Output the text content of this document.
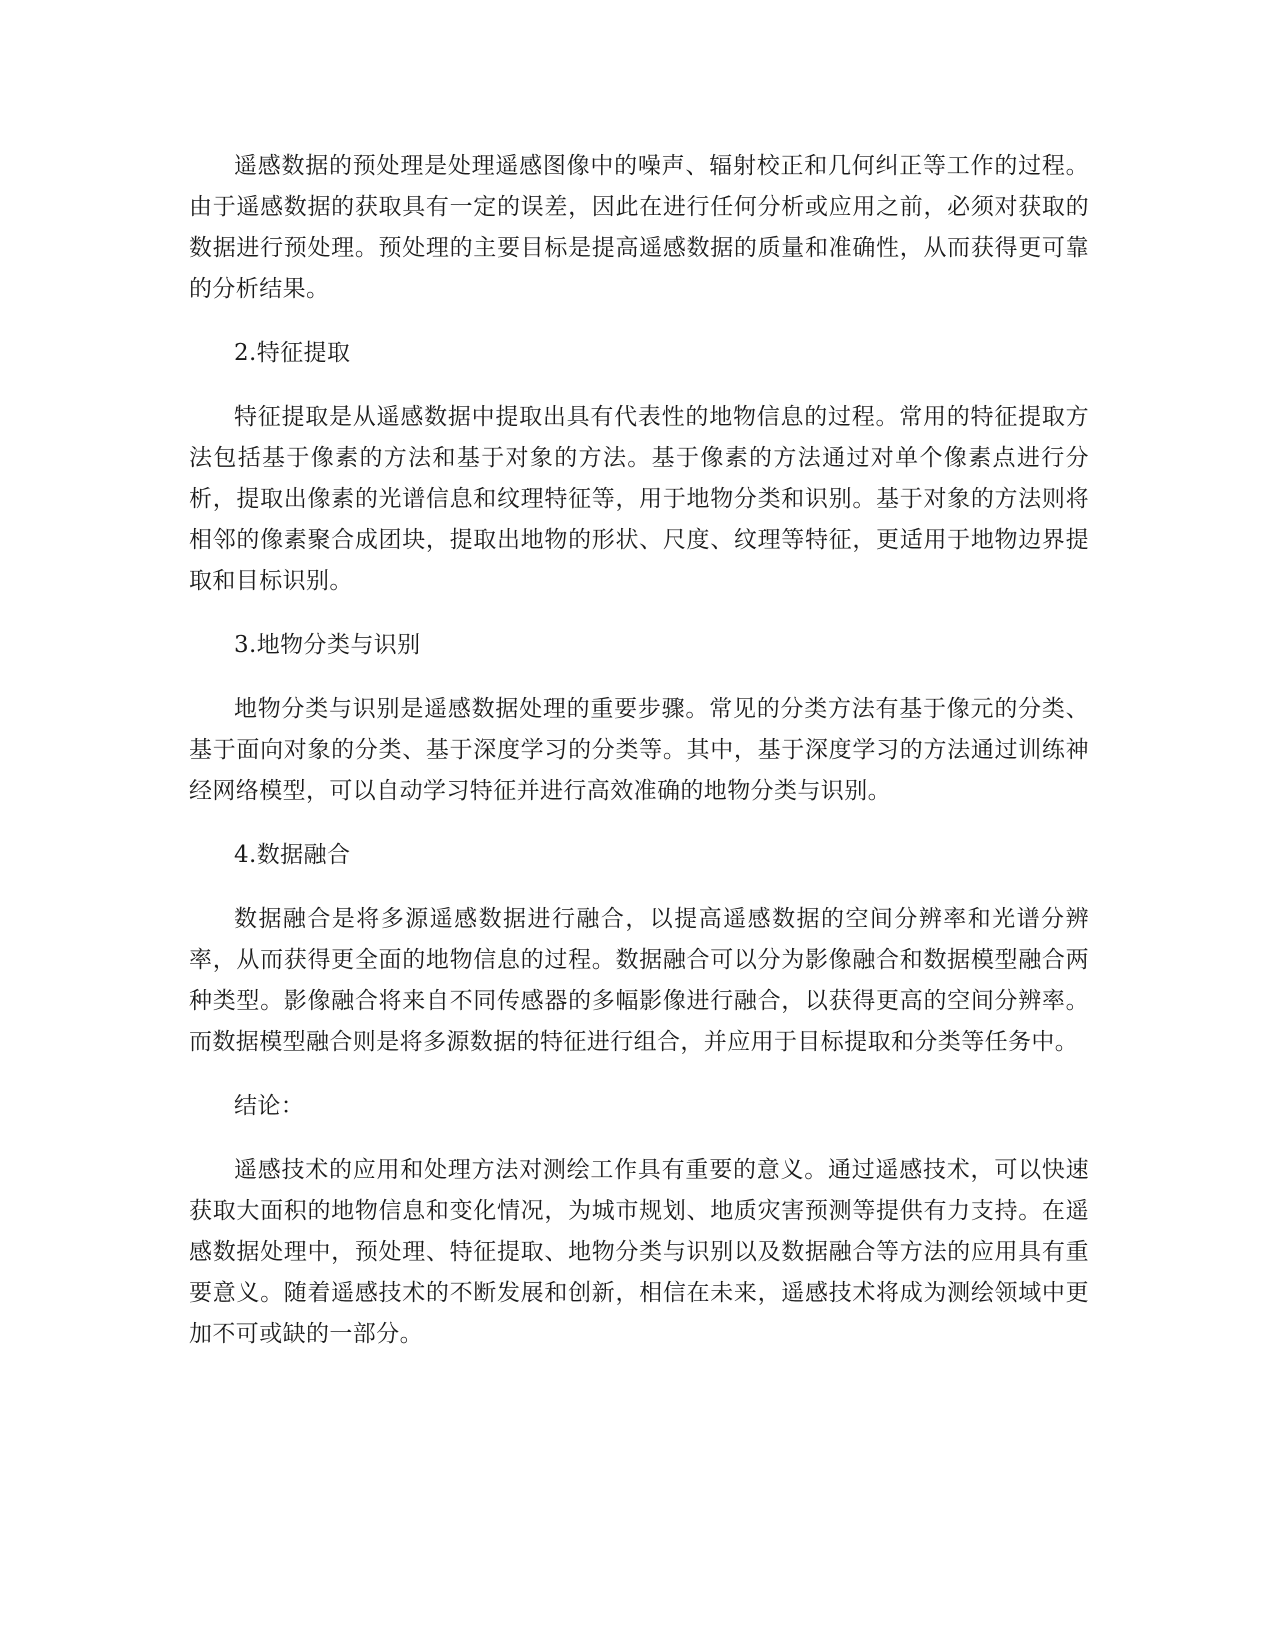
遥感数据的预处理是处理遥感图像中的噪声、辐射校正和几何纠正等工作的过程。由于遥感数据的获取具有一定的误差，因此在进行任何分析或应用之前，必须对获取的数据进行预处理。预处理的主要目标是提高遥感数据的质量和准确性，从而获得更可靠的分析结果。

2.特征提取

特征提取是从遥感数据中提取出具有代表性的地物信息的过程。常用的特征提取方法包括基于像素的方法和基于对象的方法。基于像素的方法通过对单个像素点进行分析，提取出像素的光谱信息和纹理特征等，用于地物分类和识别。基于对象的方法则将相邻的像素聚合成团块，提取出地物的形状、尺度、纹理等特征，更适用于地物边界提取和目标识别。

3.地物分类与识别

地物分类与识别是遥感数据处理的重要步骤。常见的分类方法有基于像元的分类、基于面向对象的分类、基于深度学习的分类等。其中，基于深度学习的方法通过训练神经网络模型，可以自动学习特征并进行高效准确的地物分类与识别。

4.数据融合

数据融合是将多源遥感数据进行融合，以提高遥感数据的空间分辨率和光谱分辨率，从而获得更全面的地物信息的过程。数据融合可以分为影像融合和数据模型融合两种类型。影像融合将来自不同传感器的多幅影像进行融合，以获得更高的空间分辨率。而数据模型融合则是将多源数据的特征进行组合，并应用于目标提取和分类等任务中。

结论：

遥感技术的应用和处理方法对测绘工作具有重要的意义。通过遥感技术，可以快速获取大面积的地物信息和变化情况，为城市规划、地质灾害预测等提供有力支持。在遥感数据处理中，预处理、特征提取、地物分类与识别以及数据融合等方法的应用具有重要意义。随着遥感技术的不断发展和创新，相信在未来，遥感技术将成为测绘领域中更加不可或缺的一部分。
